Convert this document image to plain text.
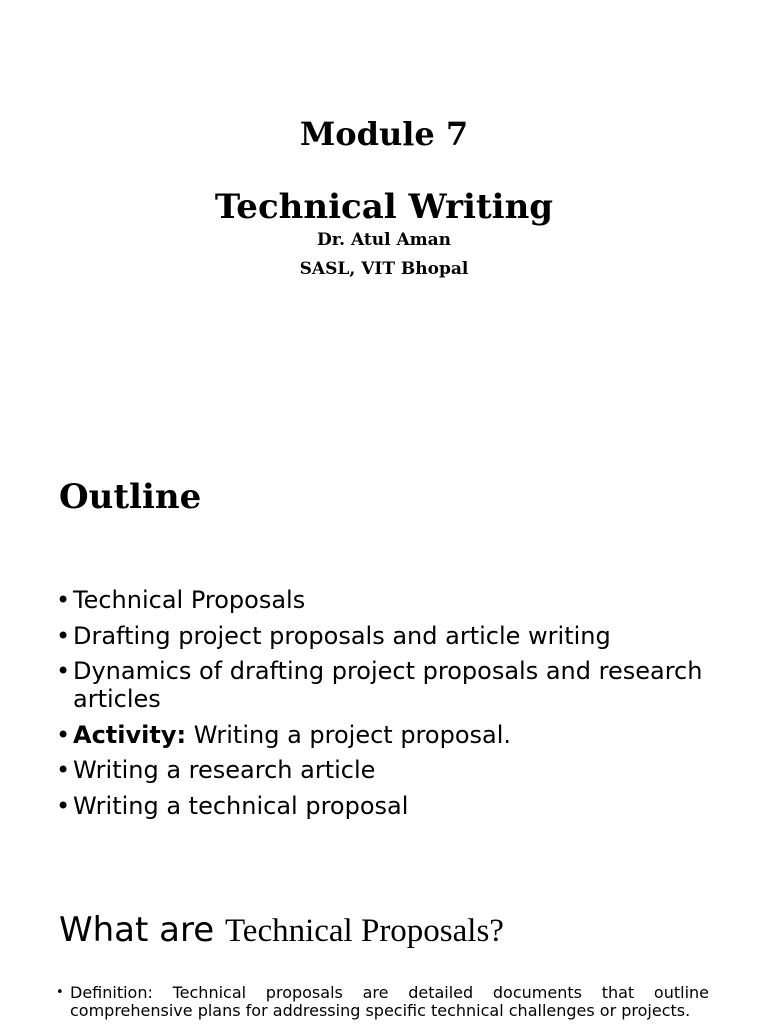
Module 7
Technical Writing

Dr. Atul Aman

SASL, VIT Bhopal

Outline
• Technical Proposals
• Drafting project proposals and article writing
• Dynamics of drafting project proposals and research articles
• Activity: Writing a project proposal.
• Writing a research article
• Writing a technical proposal
What are Technical Proposals?

• Definition: Technical proposals are detailed documents that outline comprehensive plans for addressing specific technical challenges or projects.
